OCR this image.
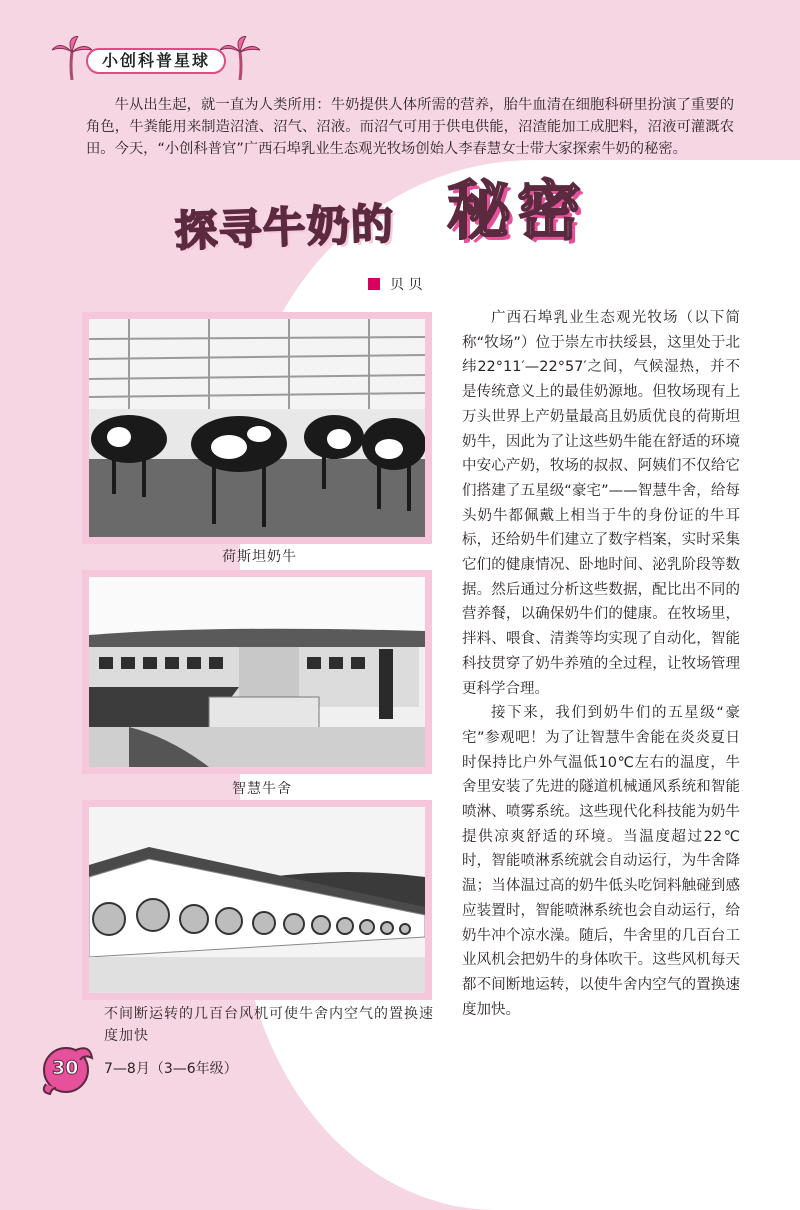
小创科普星球
牛从出生起，就一直为人类所用：牛奶提供人体所需的营养，胎牛血清在细胞科研里扮演了重要的角色，牛粪能用来制造沼渣、沼气、沼液。而沼气可用于供电供能，沼渣能加工成肥料，沼液可灌溉农田。今天，“小创科普官”广西石埠乳业生态观光牧场创始人李春慧女士带大家探索牛奶的秘密。
探寻牛奶的 秘密
贝 贝
荷斯坦奶牛
智慧牛舍
不间断运转的几百台风机可使牛舍内空气的置换速度加快

广西石埠乳业生态观光牧场（以下简称“牧场”）位于崇左市扶绥县，这里处于北纬22°11′—22°57′之间，气候湿热，并不是传统意义上的最佳奶源地。但牧场现有上万头世界上产奶量最高且奶质优良的荷斯坦奶牛，因此为了让这些奶牛能在舒适的环境中安心产奶，牧场的叔叔、阿姨们不仅给它们搭建了五星级“豪宅”——智慧牛舍，给每头奶牛都佩戴上相当于牛的身份证的牛耳标，还给奶牛们建立了数字档案，实时采集它们的健康情况、卧地时间、泌乳阶段等数据。然后通过分析这些数据，配比出不同的营养餐，以确保奶牛们的健康。在牧场里，拌料、喂食、清粪等均实现了自动化，智能科技贯穿了奶牛养殖的全过程，让牧场管理更科学合理。

接下来，我们到奶牛们的五星级“豪宅”参观吧！为了让智慧牛舍能在炎炎夏日时保持比户外气温低10℃左右的温度，牛舍里安装了先进的隧道机械通风系统和智能喷淋、喷雾系统。这些现代化科技能为奶牛提供凉爽舒适的环境。当温度超过22℃时，智能喷淋系统就会自动运行，为牛舍降温；当体温过高的奶牛低头吃饲料触碰到感应装置时，智能喷淋系统也会自动运行，给奶牛冲个凉水澡。随后，牛舍里的几百台工业风机会把奶牛的身体吹干。这些风机每天都不间断地运转，以使牛舍内空气的置换速度加快。

30 7—8月（3—6年级）
